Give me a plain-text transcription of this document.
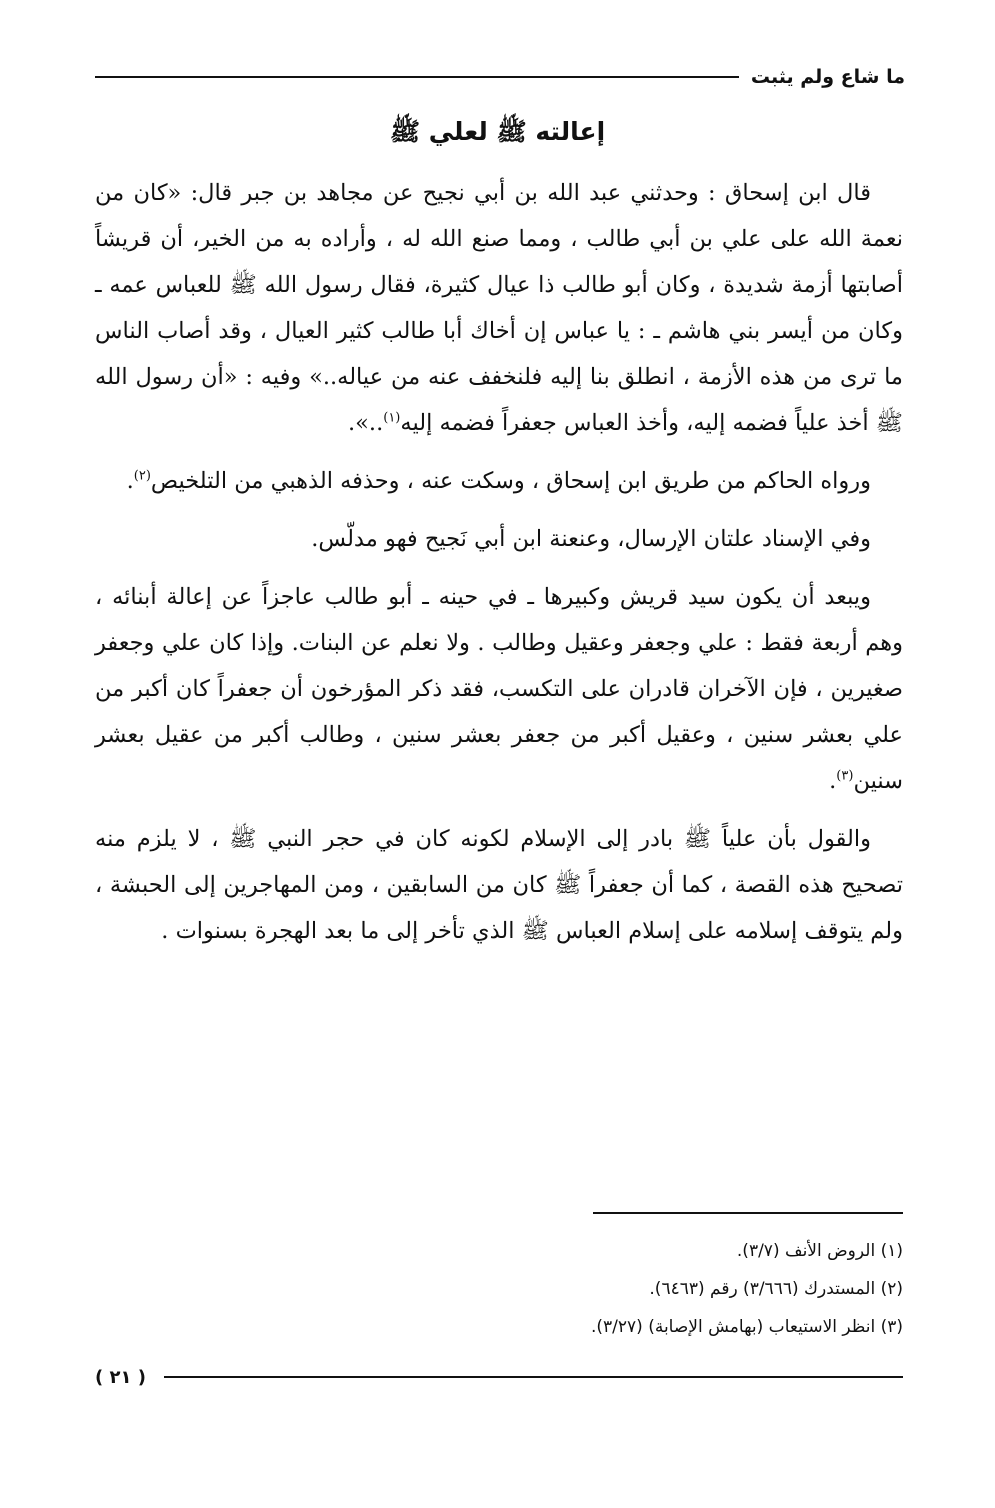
ما شاع ولم يثبت
إعالته ﷺ لعلي ﷺ

قال ابن إسحاق : وحدثني عبد الله بن أبي نجيح عن مجاهد بن جبر قال: «كان من نعمة الله على علي بن أبي طالب ، ومما صنع الله له ، وأراده به من الخير، أن قريشاً أصابتها أزمة شديدة ، وكان أبو طالب ذا عيال كثيرة، فقال رسول الله ﷺ للعباس عمه ـ وكان من أيسر بني هاشم ـ : يا عباس إن أخاك أبا طالب كثير العيال ، وقد أصاب الناس ما ترى من هذه الأزمة ، انطلق بنا إليه فلنخفف عنه من عياله..» وفيه : «أن رسول الله ﷺ أخذ علياً فضمه إليه، وأخذ العباس جعفراً فضمه إليه$^{(١)}$..».

ورواه الحاكم من طريق ابن إسحاق ، وسكت عنه ، وحذفه الذهبي من التلخيص$^{(٢)}$.

وفي الإسناد علتان الإرسال، وعنعنة ابن أبي نَجيح فهو مدلّس.

ويبعد أن يكون سيد قريش وكبيرها ـ في حينه ـ أبو طالب عاجزاً عن إعالة أبنائه ، وهم أربعة فقط : علي وجعفر وعقيل وطالب . ولا نعلم عن البنات. وإذا كان علي وجعفر صغيرين ، فإن الآخران قادران على التكسب، فقد ذكر المؤرخون أن جعفراً كان أكبر من علي بعشر سنين ، وعقيل أكبر من جعفر بعشر سنين ، وطالب أكبر من عقيل بعشر سنين$^{(٣)}$.

والقول بأن علياً ﷺ بادر إلى الإسلام لكونه كان في حجر النبي ﷺ ، لا يلزم منه تصحيح هذه القصة ، كما أن جعفراً ﷺ كان من السابقين ، ومن المهاجرين إلى الحبشة ، ولم يتوقف إسلامه على إسلام العباس ﷺ الذي تأخر إلى ما بعد الهجرة بسنوات .

(١) الروض الأنف (٣/٧).

(٢) المستدرك (٣/٦٦٦) رقم (٦٤٦٣).

(٣) انظر الاستيعاب (بهامش الإصابة) (٣/٢٧).

( ٢١ )
